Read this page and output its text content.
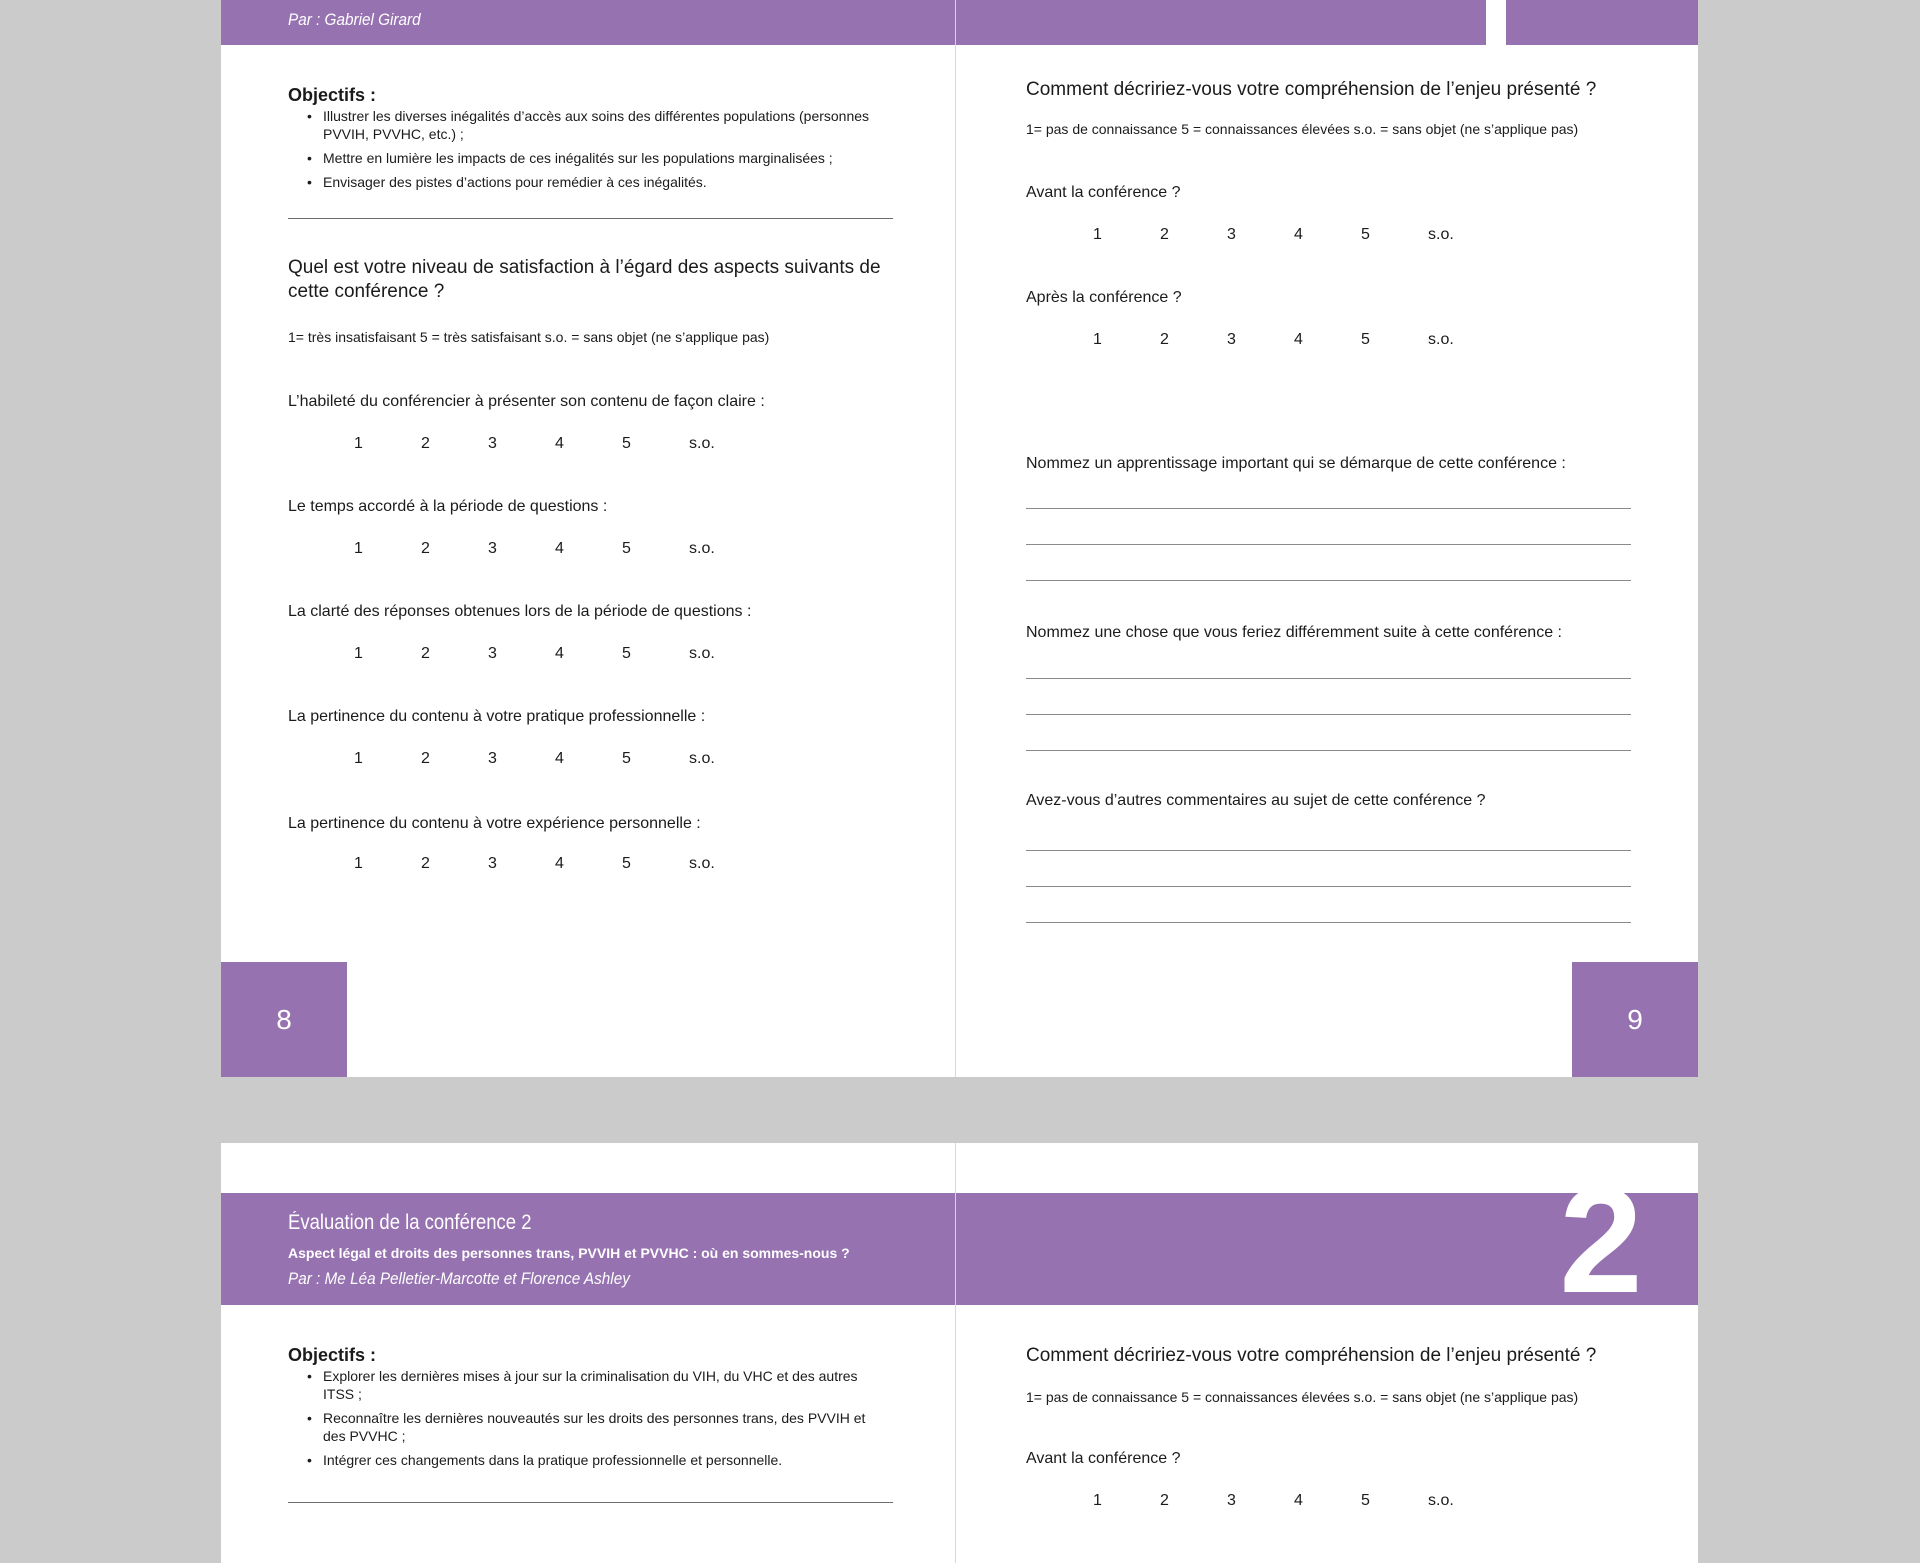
Par : Gabriel Girard
Objectifs :
• Illustrer les diverses inégalités d’accès aux soins des différentes populations (personnes PVVIH, PVVHC, etc.) ;
• Mettre en lumière les impacts de ces inégalités sur les populations marginalisées ;
• Envisager des pistes d’actions pour remédier à ces inégalités.
Quel est votre niveau de satisfaction à l’égard des aspects suivants de cette conférence ?
1= très insatisfaisant 5 = très satisfaisant s.o. = sans objet (ne s’applique pas)
L’habileté du conférencier à présenter son contenu de façon claire :
1	2	3	4	5	s.o.
Le temps accordé à la période de questions :
1	2	3	4	5	s.o.
La clarté des réponses obtenues lors de la période de questions :
1	2	3	4	5	s.o.
La pertinence du contenu à votre pratique professionnelle :
1	2	3	4	5	s.o.
La pertinence du contenu à votre expérience personnelle :
1	2	3	4	5	s.o.
8
Comment décririez-vous votre compréhension de l’enjeu présenté ?
1= pas de connaissance 5 = connaissances élevées s.o. = sans objet (ne s’applique pas)
Avant la conférence ?
1	2	3	4	5	s.o.
Après la conférence ?
1	2	3	4	5	s.o.
Nommez un apprentissage important qui se démarque de cette conférence :
Nommez une chose que vous feriez différemment suite à cette conférence :
Avez-vous d’autres commentaires au sujet de cette conférence ?
9
Évaluation de la conférence 2
Aspect légal et droits des personnes trans, PVVIH et PVVHC : où en sommes-nous ?
Par : Me Léa Pelletier-Marcotte et Florence Ashley	2
Objectifs :
• Explorer les dernières mises à jour sur la criminalisation du VIH, du VHC et des autres ITSS ;
• Reconnaître les dernières nouveautés sur les droits des personnes trans, des PVVIH et des PVVHC ;
• Intégrer ces changements dans la pratique professionnelle et personnelle.
Comment décririez-vous votre compréhension de l’enjeu présenté ?
1= pas de connaissance 5 = connaissances élevées s.o. = sans objet (ne s’applique pas)
Avant la conférence ?
1	2	3	4	5	s.o.
